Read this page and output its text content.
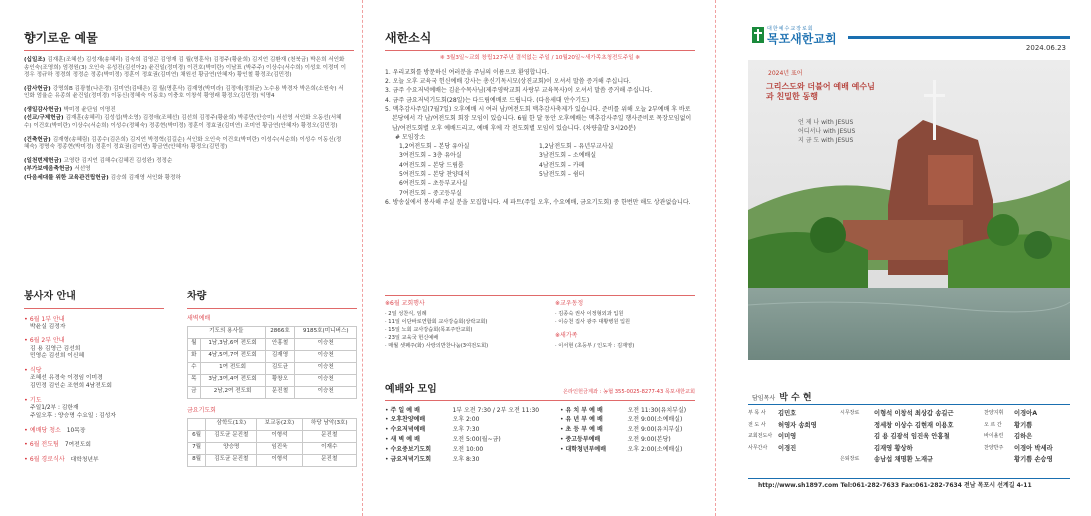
향기로운 예물
(십일조) 김재훈(조혜선) 김성재(송혜리) 김숙희 김영곤 김영재 김 월(명훈삭) 김정주(황윤희) 김지언 김환재 (천북금) 박은희 서인화 송인숙(조영희) 엄경원(3) 오인숙 유성진(김선아2) 윤건일(정미경) 이건호(박미란) 이남표 (박주주) 이상수(서수희) 이성호 이정미 이정우 정규하 정경희 정정순 정종(박미정) 정훈이 정효권(김미연) 채원선 황금연(안혜자) 황인철 황정조(김민정)
(감사헌금) 강명희B 김광철(나은경) 김미연(김태은) 김 월(명훈삭) 김재영(박미라) 김정애(정희균) 노수용 박경자 박은희(소원숙) 서인화 엄율순 유종희 윤건일(정미경) 이동신(정혜숙 이동호) 이충호 이창석 황영래 황정오(김민정) 익명4
(생일감사헌금) 박미정 윤단임 이명진
(선교/구제헌금) 김재훈(송혜리) 김성섭(박소영) 김정애(조혜선) 김선희 김정주(황윤희) 박종만(안승미) 서선영 서인화 오동선(서혜수) 이건호(박미란) 이상수(서순희) 이성수(정혜숙) 정종현(박미정) 정훈이 정효권(김미연) 조미연 황금연(안혜자) 황정오(김민정)
(건축헌금) 김재형(송혜림) 김종수(김은희) 김지언 박정혁(김길순) 서인화 오인숙 이건호(박미란) 이성수(서순희) 이성수 이동신(정혜숙) 정명숙 정종현(박미정) 정훈이 정효권(김미연) 황금연(안혜자) 황정오(김민정)
(일천번제헌금) 고영란 김지언 김해수(김혜진 김성완) 정정순
(부가보예음축헌금) 서선영
(다음세대를 위한 교육관건립헌금) 김승희 김재영 서인화 황정하
봉사자 안내
• 6월 1부 안내
박윤실 김정자
• 6월 2부 안내
김 용 김영근 김선희
민영순 김선희 이신혜
• 식당
조혜선 유경숙 이경임 이미경
김민정 김인순 조현희 4남전도회
• 기도
주일1/2부 : 김한재
주일오후 : 양승명 수요일 : 김성자
• 예배당 청소 10목장
• 6월 전도팀 7여전도회
• 6월 경로식사 대학청년부
차량
새벽예배
기도의 용사들		2866호	9185호(미니버스)
월	1남,3남,6여 전도회	안홍철	이승천
화	4남,5여,7여 전도회	김재영	이승천
수	1여 전도회	김도균	이승천
목	3남,3여,4여 전도회	황창오	이승천
금	2남,2여 전도회	문진철	이승천
금요기도회
	삼학도(1호)	보교동(2호)	하당 남악(3호)
6월	김도균 문진철	이형석	문진철
7월	양승명	임진욱	이재수
8월	김도균 문진철	이형석	문진철
새한소식
❈ 3월3일~교회 창립127주년 결석없는 주일 / 10월20일~새가족초청전도주일 ❈
1. 우리교회를 방문하신 여러분을 주님의 이름으로 환영합니다.
2. 오늘 오후 교육국 헌신예배 강사는 총신기독시모(상진교회)이 오셔서 말씀 증거해 주십니다.
3. 금주 수요저녁예배는 김윤수목사님(제주영락교회 사랑부 교육목사)이 오셔서 말씀 증거해 주십니다.
4. 금주 금요저녁기도회(28일)는 다드림예배로 드립니다. (다음세대 안수기도)
5. 맥추감사주일(7월7일) 오후예배 시 여러 남/여전도회 맥추감사축제가 있습니다. 준비를 위해 오늘 2부예배 후 바로 본당에서 각 남/여전도회 회장 모임이 있습니다. 6월 한 달 동안 오후예배는 맥추감사주일 행사준비로 목장모임없이 남/여전도회별 오후 예배드리고, 예배 후에 각 전도회별 모임이 있습니다. (차량출발 3시20분)
# 모임장소
1,2여전도회 – 본당 유아실
3여전도회 – 3층 유아실
4여전도회 – 본당 드림룸
5여전도회 – 본당 찬양대석
6여전도회 – 초등부교사실
7여전도회 – 중고등부실
1,2남전도회 – 유년부교사실
3남전도회 – 소예배실
4남전도회 – 카페
5남전도회 – 쉼터
6. 방송실에서 봉사해 주실 분을 모집합니다. 세 파트(주일 오후, 수요예배, 금요기도회) 중 한번만 해도 상관없습니다.
※6월 교회행사
· 2일 성찬식, 임례
· 11일 이단바로연합회 교사강습회(상락교회)
· 15일 노회 교사강습회(목포주안교회)
· 23일 교육국 헌신예배
· 매월 셋째주(화) 사랑의반찬나눔(3여전도회)
※교우동정
· 김종숙 권사 이정형외과 입원
· 이승천 집사 광주 대황병원 입원
※새가족
· 이서현 (초등부 / 인도자 : 김재영)
예배와 모임	온라인헌금계좌 : 농협 355-0025-8277-43 목포새한교회
• 주 일 예 배	1부 오전 7:30 / 2부 오전 11:30
• 오후찬양예배	오후 2:00
• 수요저녁예배	오후 7:30
• 새 벽 예 배	오전 5:00(월~금)
• 수요중보기도회	오전 10:00
• 금요저녁기도회	오후 8:30
• 유 치 부 예 배	오전 11:30(유치부실)
• 유 년 부 예 배	오전 9:00(소예배실)
• 초 등 부 예 배	오전 9:00(유치부실)
• 중고등부예배	오전 9:00(본당)
• 대학청년부예배	오후 2:00(소예배실)
대한예수교장로회
목포새한교회
2024.06.23
2024년 표어
그리스도와 더불어 예배 예수님과 친밀한 동행
언 제 나 with JESUS
어디서나 with JESUS
지 금 도 with JESUS
담임목사 박 수 현
부 목 사	김민호	시무장로	이형석 이창석 최상갑 송길근	찬양지휘	이경아A
전 도 사	허영자 송희영	정세창 이상수 김현재 이용호	오 르 간	황기쁨
교회전도사 이미영	김 용 김광석 임진욱 안홍철	바이올린	김하은
사무간사	이경진	김재영 황상하	찬양반주	이경아 박세라
은퇴장로	송남섭 채명환 노재규	황기쁨 손승영
http://www.sh1897.com Tel:061-282-7633 Fax:061-282-7634 전남 목포시 선계길 4-11
